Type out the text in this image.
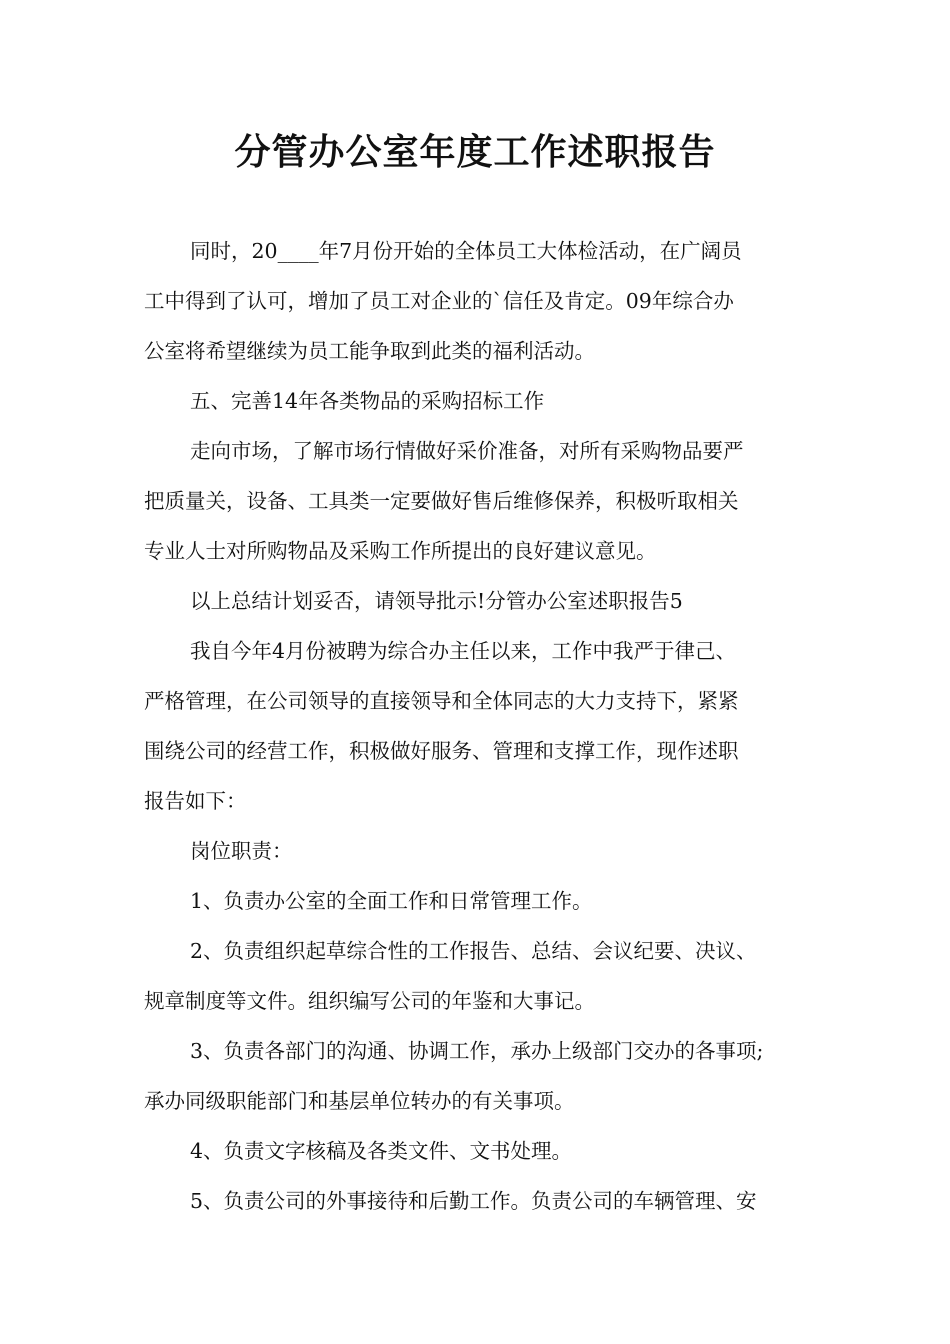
分管办公室年度工作述职报告
同时，20____年7月份开始的全体员工大体检活动，在广阔员
工中得到了认可，增加了员工对企业的`信任及肯定。09年综合办
公室将希望继续为员工能争取到此类的福利活动。
五、完善14年各类物品的采购招标工作
走向市场，了解市场行情做好采价准备，对所有采购物品要严
把质量关，设备、工具类一定要做好售后维修保养，积极听取相关
专业人士对所购物品及采购工作所提出的良好建议意见。
以上总结计划妥否，请领导批示!分管办公室述职报告5
我自今年4月份被聘为综合办主任以来，工作中我严于律己、
严格管理，在公司领导的直接领导和全体同志的大力支持下，紧紧
围绕公司的经营工作，积极做好服务、管理和支撑工作，现作述职
报告如下：
岗位职责：
1、负责办公室的全面工作和日常管理工作。
2、负责组织起草综合性的工作报告、总结、会议纪要、决议、
规章制度等文件。组织编写公司的年鉴和大事记。
3、负责各部门的沟通、协调工作，承办上级部门交办的各事项;
承办同级职能部门和基层单位转办的有关事项。
4、负责文字核稿及各类文件、文书处理。
5、负责公司的外事接待和后勤工作。负责公司的车辆管理、安
